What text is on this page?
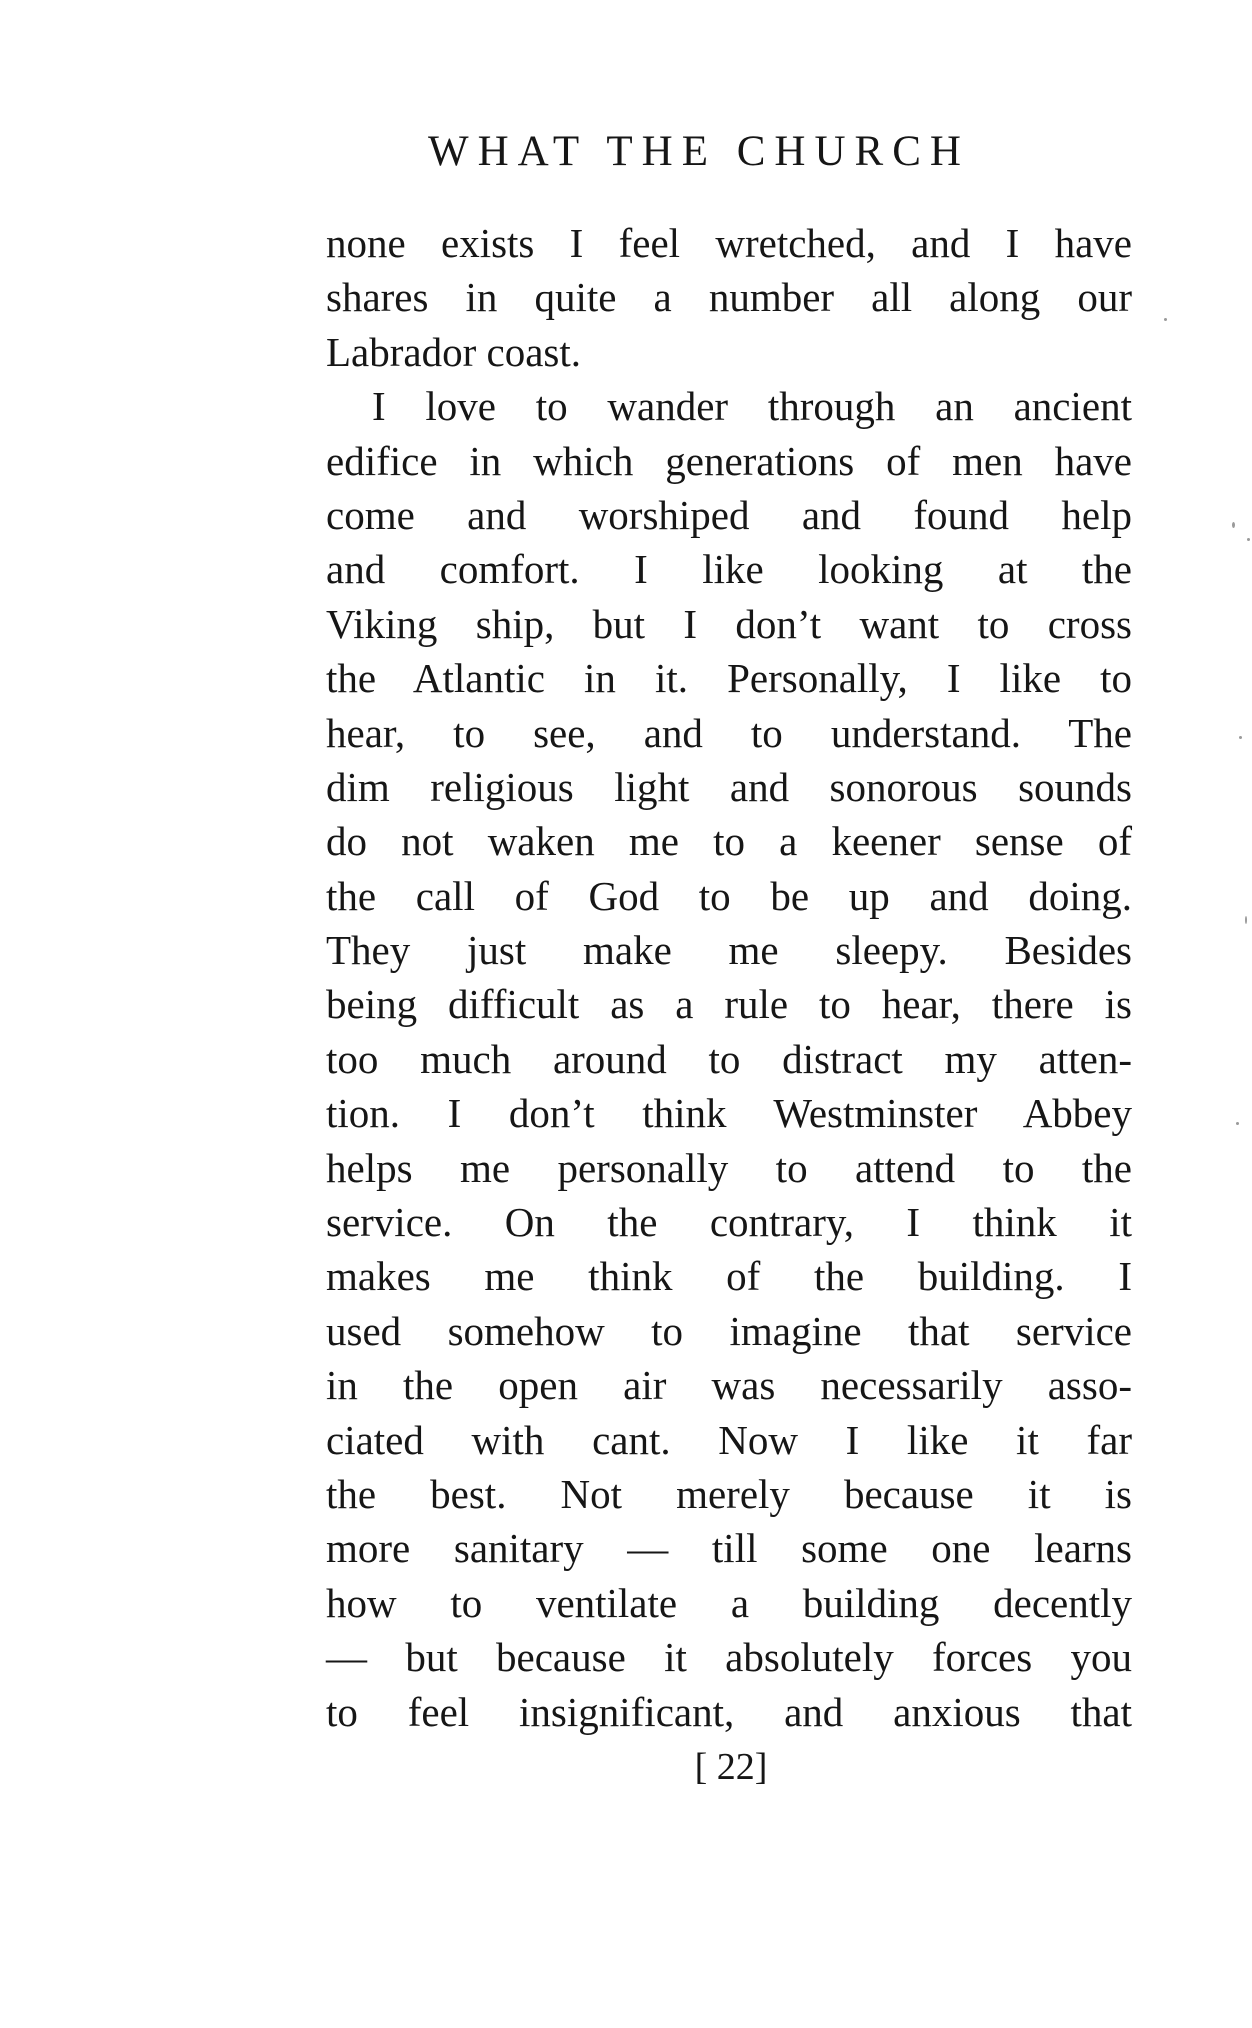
WHAT THE CHURCH
none exists I feel wretched, and I have
shares in quite a number all along our
Labrador coast.
I love to wander through an ancient
edifice in which generations of men have
come and worshiped and found help
and comfort. I like looking at the
Viking ship, but I don’t want to cross
the Atlantic in it. Personally, I like to
hear, to see, and to understand. The
dim religious light and sonorous sounds
do not waken me to a keener sense of
the call of God to be up and doing.
They just make me sleepy. Besides
being difficult as a rule to hear, there is
too much around to distract my atten-
tion. I don’t think Westminster Abbey
helps me personally to attend to the
service. On the contrary, I think it
makes me think of the building. I
used somehow to imagine that service
in the open air was necessarily asso-
ciated with cant. Now I like it far
the best. Not merely because it is
more sanitary — till some one learns
how to ventilate a building decently
— but because it absolutely forces you
to feel insignificant, and anxious that
[ 22]
